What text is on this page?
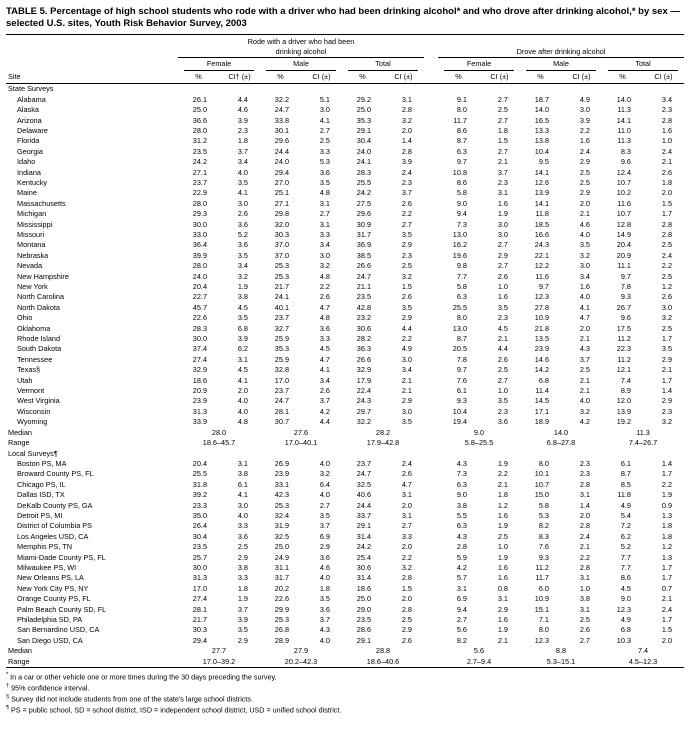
TABLE 5. Percentage of high school students who rode with a driver who had been drinking alcohol* and who drove after drinking alcohol,* by sex — selected U.S. sites, Youth Risk Behavior Survey, 2003
	Rode with a driver who had been drinking alcohol							Drove after drinking alcohol					

	Female		Male		Total			Female		Male		Total	

Site	%	CI† (±)	%	CI (±)	%	CI (±)		%	CI (±)	%	CI (±)	%	CI (±)
State Surveys													
Alabama	26.1	4.4	32.2	5.1	29.2	3.1		9.1	2.7	18.7	4.9	14.0	3.4
Alaska	25.0	4.6	24.7	3.0	25.0	2.8		8.0	2.5	14.0	3.0	11.3	2.3
Arizona	36.6	3.9	33.8	4.1	35.3	3.2		11.7	2.7	16.5	3.9	14.1	2.8
Delaware	28.0	2.3	30.1	2.7	29.1	2.0		8.6	1.8	13.3	2.2	11.0	1.6
Florida	31.2	1.8	29.6	2.5	30.4	1.4		8.7	1.5	13.8	1.6	11.3	1.0
Georgia	23.5	3.7	24.4	3.3	24.0	2.8		6.3	2.7	10.4	2.4	8.3	2.4
Idaho	24.2	3.4	24.0	5.3	24.1	3.9		9.7	2.1	9.5	2.9	9.6	2.1
Indiana	27.1	4.0	29.4	3.6	28.3	2.4		10.8	3.7	14.1	2.5	12.4	2.6
Kentucky	23.7	3.5	27.0	3.5	25.5	2.3		8.6	2.3	12.6	2.5	10.7	1.8
Maine	22.9	4.1	25.1	4.8	24.2	3.7		5.8	3.1	13.9	2.9	10.2	2.0
Massachusetts	28.0	3.0	27.1	3.1	27.5	2.6		9.0	1.6	14.1	2.0	11.6	1.5
Michigan	29.3	2.6	29.8	2.7	29.6	2.2		9.4	1.9	11.8	2.1	10.7	1.7
Mississippi	30.0	3.6	32.0	3.1	30.9	2.7		7.3	3.0	18.5	4.6	12.8	2.8
Missouri	33.0	5.2	30.3	3.3	31.7	3.5		13.0	3.0	16.6	4.0	14.9	2.8
Montana	36.4	3.6	37.0	3.4	36.9	2.9		16.2	2.7	24.3	3.5	20.4	2.5
Nebraska	39.9	3.5	37.0	3.0	38.5	2.3		19.6	2.9	22.1	3.2	20.9	2.4
Nevada	28.0	3.4	25.3	3.2	26.6	2.5		9.8	2.7	12.2	3.0	11.1	2.2
New Hampshire	24.0	3.2	25.3	4.8	24.7	3.2		7.7	2.6	11.6	3.4	9.7	2.5
New York	20.4	1.9	21.7	2.2	21.1	1.5		5.8	1.0	9.7	1.6	7.8	1.2
North Carolina	22.7	3.8	24.1	2.6	23.5	2.6		6.3	1.6	12.3	4.0	9.3	2.6
North Dakota	45.7	4.5	40.1	4.7	42.8	3.5		25.5	3.5	27.8	4.1	26.7	3.0
Ohio	22.6	3.5	23.7	4.8	23.2	2.9		8.0	2.3	10.9	4.7	9.6	3.2
Oklahoma	28.3	6.8	32.7	3.6	30.6	4.4		13.0	4.5	21.8	2.0	17.5	2.5
Rhode Island	30.0	3.9	25.9	3.3	28.2	2.2		8.7	2.1	13.5	2.1	11.2	1.7
South Dakota	37.4	6.2	35.3	4.5	36.3	4.9		20.5	4.4	23.9	4.3	22.3	3.5
Tennessee	27.4	3.1	25.9	4.7	26.6	3.0		7.8	2.6	14.6	3.7	11.2	2.9
Texas§	32.9	4.5	32.8	4.1	32.9	3.4		9.7	2.5	14.2	2.5	12.1	2.1
Utah	18.6	4.1	17.0	3.4	17.9	2.1		7.6	2.7	6.8	2.1	7.4	1.7
Vermont	20.9	2.0	23.7	2.6	22.4	2.1		6.1	1.0	11.4	2.1	8.9	1.4
West Virginia	23.9	4.0	24.7	3.7	24.3	2.9		9.3	3.5	14.5	4.0	12.0	2.9
Wisconsin	31.3	4.0	28.1	4.2	29.7	3.0		10.4	2.3	17.1	3.2	13.9	2.3
Wyoming	33.9	4.8	30.7	4.4	32.2	3.5		19.4	3.6	18.9	4.2	19.2	3.2
Median	28.0		27.6		28.2			9.0		14.0		11.3	
Range	18.6–45.7		17.0–40.1		17.9–42.8			5.8–25.5		6.8–27.8		7.4–26.7	
Local Surveys¶													
Boston PS, MA	20.4	3.1	26.9	4.0	23.7	2.4		4.3	1.9	8.0	2.3	6.1	1.4
Broward County PS, FL	25.5	3.8	23.9	3.2	24.7	2.6		7.3	2.2	10.1	2.3	8.7	1.7
Chicago PS, IL	31.8	6.1	33.1	6.4	32.5	4.7		6.3	2.1	10.7	2.8	8.5	2.2
Dallas ISD, TX	39.2	4.1	42.3	4.0	40.6	3.1		9.0	1.8	15.0	3.1	11.8	1.9
DeKalb County PS, GA	23.3	3.0	25.3	2.7	24.4	2.0		3.8	1.2	5.8	1.4	4.9	0.9
Detroit PS, MI	35.0	4.0	32.4	3.5	33.7	3.1		5.5	1.6	5.3	2.0	5.4	1.3
District of Columbia PS	26.4	3.3	31.9	3.7	29.1	2.7		6.3	1.9	8.2	2.8	7.2	1.8
Los Angeles USD, CA	30.4	3.6	32.5	6.9	31.4	3.3		4.3	2.5	8.3	2.4	6.2	1.8
Memphis PS, TN	23.5	2.5	25.0	2.9	24.2	2.0		2.8	1.0	7.6	2.1	5.2	1.2
Miami-Dade County PS, FL	25.7	2.9	24.9	3.6	25.4	2.2		5.9	1.9	9.3	2.2	7.7	1.3
Milwaukee PS, WI	30.0	3.8	31.1	4.6	30.6	3.2		4.2	1.6	11.2	2.8	7.7	1.7
New Orleans PS, LA	31.3	3.3	31.7	4.0	31.4	2.8		5.7	1.6	11.7	3.1	8.6	1.7
New York City PS, NY	17.0	1.8	20.2	1.8	18.6	1.5		3.1	0.8	6.0	1.0	4.5	0.7
Orange County PS, FL	27.4	1.9	22.6	3.5	25.0	2.0		6.9	3.1	10.9	3.8	9.0	2.1
Palm Beach County SD, FL	28.1	3.7	29.9	3.6	29.0	2.8		9.4	2.9	15.1	3.1	12.3	2.4
Philadelphia SD, PA	21.7	3.9	25.3	3.7	23.5	2.5		2.7	1.6	7.1	2.5	4.9	1.7
San Bernardino USD, CA	30.3	3.5	26.8	4.3	28.6	2.9		5.6	1.9	8.0	2.6	6.8	1.5
San Diego USD, CA	29.4	2.9	28.9	4.0	29.1	2.6		8.2	2.1	12.3	2.7	10.3	2.0
Median	27.7		27.9		28.8			5.6		8.8		7.4	
Range	17.0–39.2		20.2–42.3		18.6–40.6			2.7–9.4		5.3–15.1		4.5–12.3	
* In a car or other vehicle one or more times during the 30 days preceding the survey.
† 95% confidence interval.
§ Survey did not include students from one of the state's large school districts.
¶ PS = public school, SD = school district, ISD = independent school district, USD = unified school district.
